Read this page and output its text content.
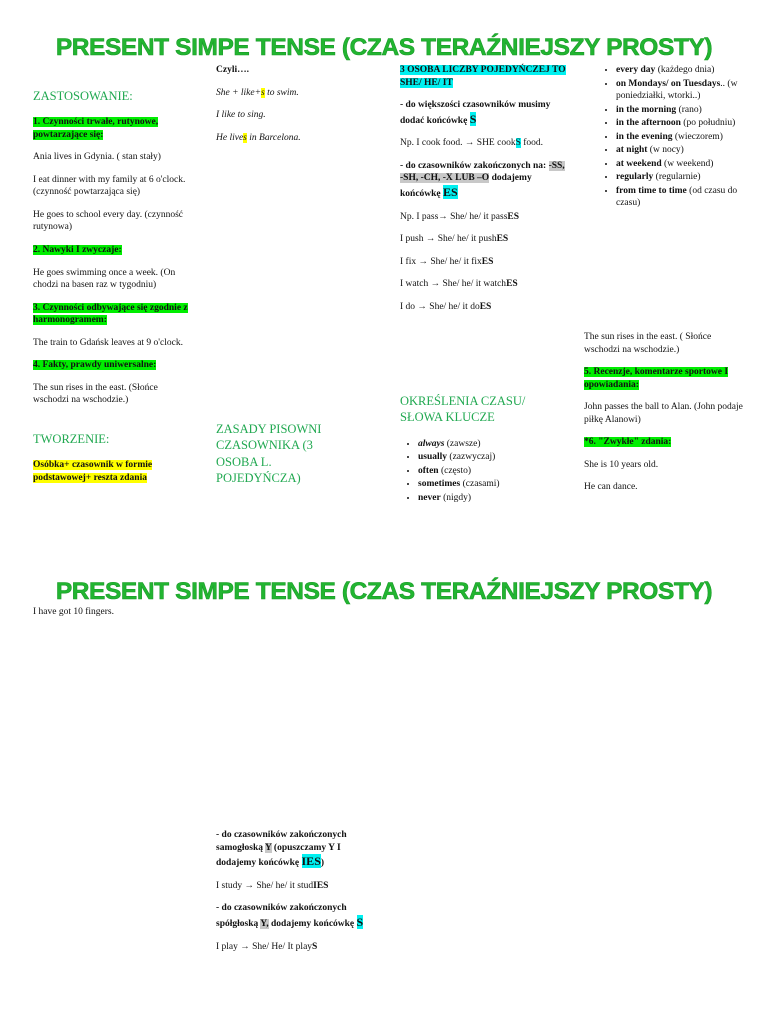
PRESENT SIMPE TENSE (CZAS TERAŹNIEJSZY PROSTY)
ZASTOSOWANIE:

1. Czynności trwałe, rutynowe, powtarzające się:

Ania lives in Gdynia. ( stan stały)

I eat dinner with my family at 6 o'clock. (czynność powtarzająca się)

He goes to school every day. (czynność rutynowa)

2. Nawyki I zwyczaje:

He goes swimming once a week. (On chodzi na basen raz w tygodniu)

3. Czynności odbywające się zgodnie z harmonogramem:

The train to Gdańsk leaves at 9 o'clock.

4. Fakty, prawdy uniwersalne:

The sun rises in the east. (Słońce wschodzi na wschodzie.)

TWORZENIE:

Osóbka+ czasownik w formie podstawowej+ reszta zdania

Czyli….

She + like+s to swim.

I like to sing.

He lives in Barcelona.

ZASADY PISOWNI CZASOWNIKA (3 OSOBA L. POJEDYŃCZA)

3 OSOBA LICZBY POJEDYŃCZEJ TO SHE/ HE/ IT

- do większości czasowników musimy dodać końcówkę S

Np. I cook food. → SHE cookS food.

- do czasowników zakończonych na: -SS, -SH, -CH, -X LUB –O dodajemy końcówkę ES

Np. I pass→ She/ he/ it passES

I push → She/ he/ it pushES

I fix → She/ he/ it fixES

I watch → She/ he/ it watchES

I do → She/ he/ it doES

OKREŚLENIA CZASU/ SŁOWA KLUCZE
• always (zawsze)
• usually (zazwyczaj)
• often (często)
• sometimes (czasami)
• never (nigdy)
• every day (każdego dnia)
• on Mondays/ on Tuesdays.. (w poniedziałki, wtorki..)
• in the morning (rano)
• in the afternoon (po południu)
• in the evening (wieczorem)
• at night (w nocy)
• at weekend (w weekend)
• regularly (regularnie)
• from time to time (od czasu do czasu)

The sun rises in the east. ( Słońce wschodzi na wschodzie.)

5. Recenzje, komentarze sportowe I opowiadania:

John passes the ball to Alan. (John podaje piłkę Alanowi)

*6. "Zwykłe" zdania:

She is 10 years old.

He can dance.

PRESENT SIMPE TENSE (CZAS TERAŹNIEJSZY PROSTY)

I have got 10 fingers.

- do czasowników zakończonych samogłoską Y (opuszczamy Y I dodajemy końcówkę IES)

I study → She/ he/ it studIES

- do czasowników zakończonych spółgłoską Y, dodajemy końcówkę S

I play → She/ He/ It playS
